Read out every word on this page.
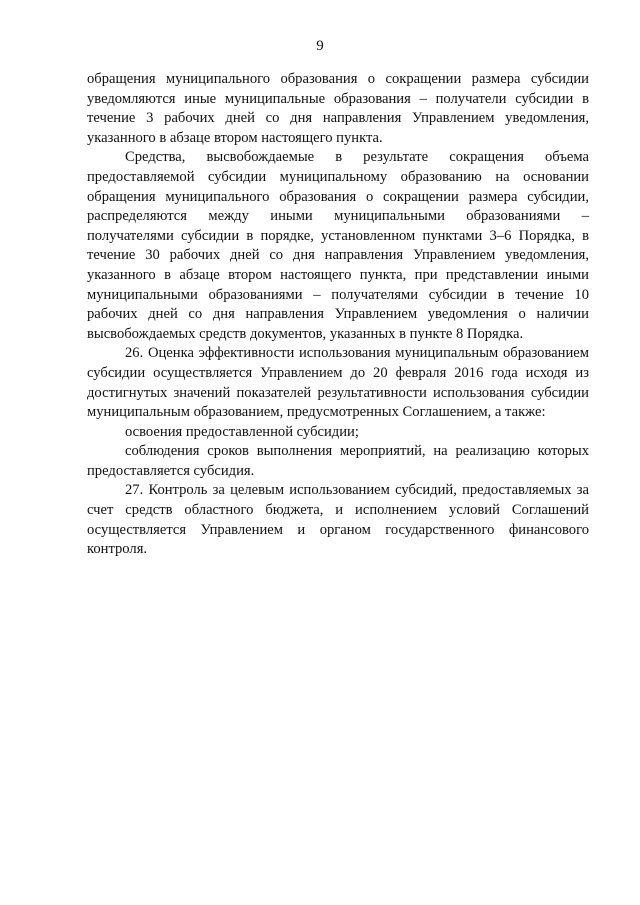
9

обращения муниципального образования о сокращении размера субсидии уведомляются иные муниципальные образования – получатели субсидии в течение 3 рабочих дней со дня направления Управлением уведомления, указанного в абзаце втором настоящего пункта.

Средства, высвобождаемые в результате сокращения объема предоставляемой субсидии муниципальному образованию на основании обращения муниципального образования о сокращении размера субсидии, распределяются между иными муниципальными образованиями – получателями субсидии в порядке, установленном пунктами 3–6 Порядка, в течение 30 рабочих дней со дня направления Управлением уведомления, указанного в абзаце втором настоящего пункта, при представлении иными муниципальными образованиями – получателями субсидии в течение 10 рабочих дней со дня направления Управлением уведомления о наличии высвобождаемых средств документов, указанных в пункте 8 Порядка.

26. Оценка эффективности использования муниципальным образованием субсидии осуществляется Управлением до 20 февраля 2016 года исходя из достигнутых значений показателей результативности использования субсидии муниципальным образованием, предусмотренных Соглашением, а также:

освоения предоставленной субсидии;

соблюдения сроков выполнения мероприятий, на реализацию которых предоставляется субсидия.

27. Контроль за целевым использованием субсидий, предоставляемых за счет средств областного бюджета, и исполнением условий Соглашений осуществляется Управлением и органом государственного финансового контроля.
